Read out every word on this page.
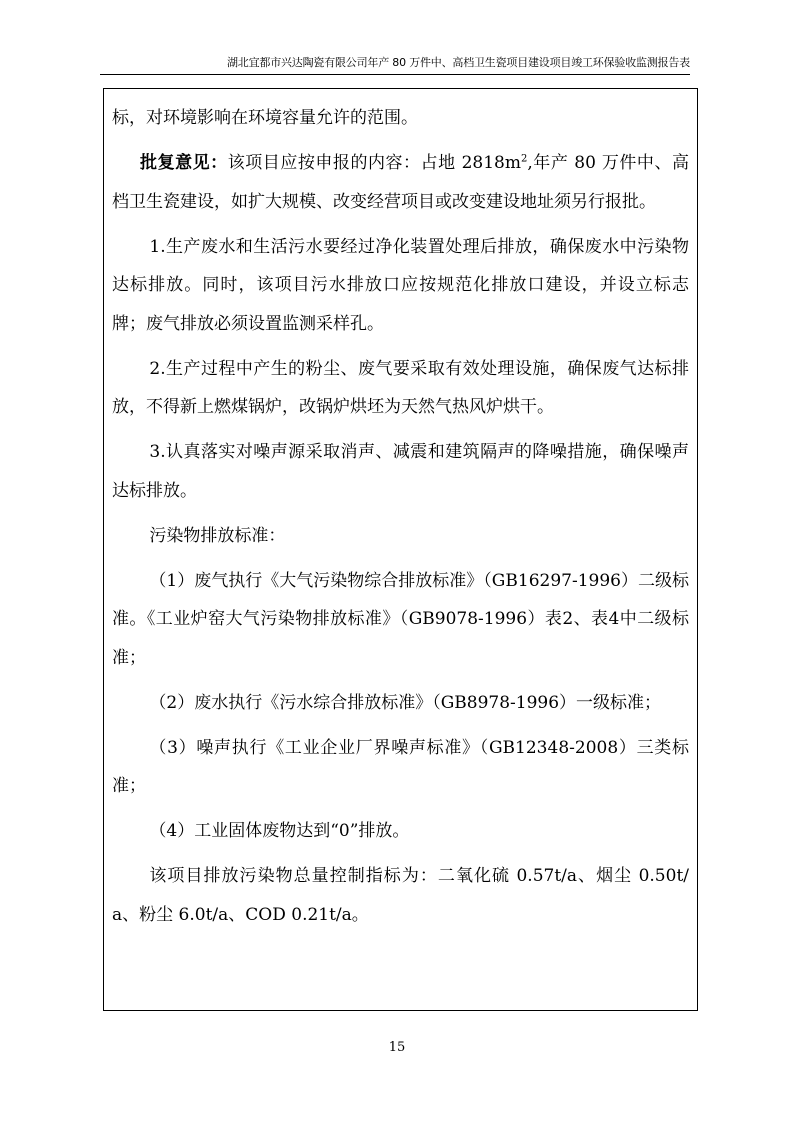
湖北宜都市兴达陶瓷有限公司年产 80 万件中、高档卫生瓷项目建设项目竣工环保验收监测报告表

标，对环境影响在环境容量允许的范围。

批复意见：该项目应按申报的内容：占地 $2818m^2$,年产 80 万件中、高档卫生瓷建设，如扩大规模、改变经营项目或改变建设地址须另行报批。

1.生产废水和生活污水要经过净化装置处理后排放，确保废水中污染物达标排放。同时，该项目污水排放口应按规范化排放口建设，并设立标志牌；废气排放必须设置监测采样孔。

2.生产过程中产生的粉尘、废气要采取有效处理设施，确保废气达标排放，不得新上燃煤锅炉，改锅炉烘坯为天然气热风炉烘干。

3.认真落实对噪声源采取消声、减震和建筑隔声的降噪措施，确保噪声达标排放。

污染物排放标准：

（1）废气执行《大气污染物综合排放标准》（GB16297-1996）二级标准。《工业炉窑大气污染物排放标准》（GB9078-1996）表2、表4中二级标准；

（2）废水执行《污水综合排放标准》（GB8978-1996）一级标准；

（3）噪声执行《工业企业厂界噪声标准》（GB12348-2008）三类标准；

（4）工业固体废物达到“0”排放。

该项目排放污染物总量控制指标为：二氧化硫 0.57t/a、烟尘 0.50t/a、粉尘 6.0t/a、COD 0.21t/a。

15
